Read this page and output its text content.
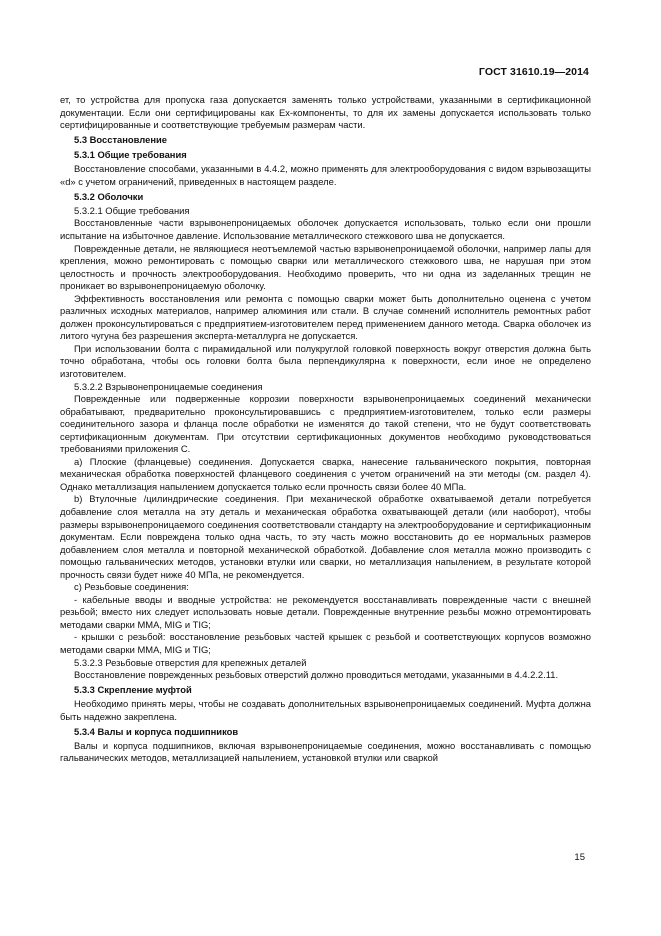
ГОСТ 31610.19—2014

ет, то устройства для пропуска газа допускается заменять только устройствами, указанными в сертификационной документации. Если они сертифицированы как Ex-компоненты, то для их замены допускается использовать только сертифицированные и соответствующие требуемым размерам части.

5.3 Восстановление

5.3.1 Общие требования

Восстановление способами, указанными в 4.4.2, можно применять для электрооборудования с видом взрывозащиты «d» с учетом ограничений, приведенных в настоящем разделе.

5.3.2 Оболочки

5.3.2.1 Общие требования

Восстановленные части взрывонепроницаемых оболочек допускается использовать, только если они прошли испытание на избыточное давление. Использование металлического стежкового шва не допускается.

Поврежденные детали, не являющиеся неотъемлемой частью взрывонепроницаемой оболочки, например лапы для крепления, можно ремонтировать с помощью сварки или металлического стежкового шва, не нарушая при этом целостность и прочность электрооборудования. Необходимо проверить, что ни одна из заделанных трещин не проникает во взрывонепроницаемую оболочку.

Эффективность восстановления или ремонта с помощью сварки может быть дополнительно оценена с учетом различных исходных материалов, например алюминия или стали. В случае сомнений исполнитель ремонтных работ должен проконсультироваться с предприятием-изготовителем перед применением данного метода. Сварка оболочек из литого чугуна без разрешения эксперта-металлурга не допускается.

При использовании болта с пирамидальной или полукруглой головкой поверхность вокруг отверстия должна быть точно обработана, чтобы ось головки болта была перпендикулярна к поверхности, если иное не определено изготовителем.

5.3.2.2 Взрывонепроницаемые соединения

Поврежденные или подверженные коррозии поверхности взрывонепроницаемых соединений механически обрабатывают, предварительно проконсультировавшись с предприятием-изготовителем, только если размеры соединительного зазора и фланца после обработки не изменятся до такой степени, что не будут соответствовать сертификационным документам. При отсутствии сертификационных документов необходимо руководствоваться требованиями приложения С.

a) Плоские (фланцевые) соединения. Допускается сварка, нанесение гальванического покрытия, повторная механическая обработка поверхностей фланцевого соединения с учетом ограничений на эти методы (см. раздел 4). Однако металлизация напылением допускается только если прочность связи более 40 МПа.

b) Втулочные /цилиндрические соединения. При механической обработке охватываемой детали потребуется добавление слоя металла на эту деталь и механическая обработка охватывающей детали (или наоборот), чтобы размеры взрывонепроницаемого соединения соответствовали стандарту на электрооборудование и сертификационным документам. Если повреждена только одна часть, то эту часть можно восстановить до ее нормальных размеров добавлением слоя металла и повторной механической обработкой. Добавление слоя металла можно производить с помощью гальванических методов, установки втулки или сварки, но металлизация напылением, в результате которой прочность связи будет ниже 40 МПа, не рекомендуется.

c) Резьбовые соединения:

- кабельные вводы и вводные устройства: не рекомендуется восстанавливать поврежденные части с внешней резьбой; вместо них следует использовать новые детали. Поврежденные внутренние резьбы можно отремонтировать методами сварки ММА, MIG и TIG;

- крышки с резьбой: восстановление резьбовых частей крышек с резьбой и соответствующих корпусов возможно методами сварки ММА, MIG и TIG;

5.3.2.3 Резьбовые отверстия для крепежных деталей

Восстановление поврежденных резьбовых отверстий должно проводиться методами, указанными в 4.4.2.2.11.

5.3.3 Скрепление муфтой

Необходимо принять меры, чтобы не создавать дополнительных взрывонепроницаемых соединений. Муфта должна быть надежно закреплена.

5.3.4 Валы и корпуса подшипников

Валы и корпуса подшипников, включая взрывонепроницаемые соединения, можно восстанавливать с помощью гальванических методов, металлизацией напылением, установкой втулки или сваркой

15
